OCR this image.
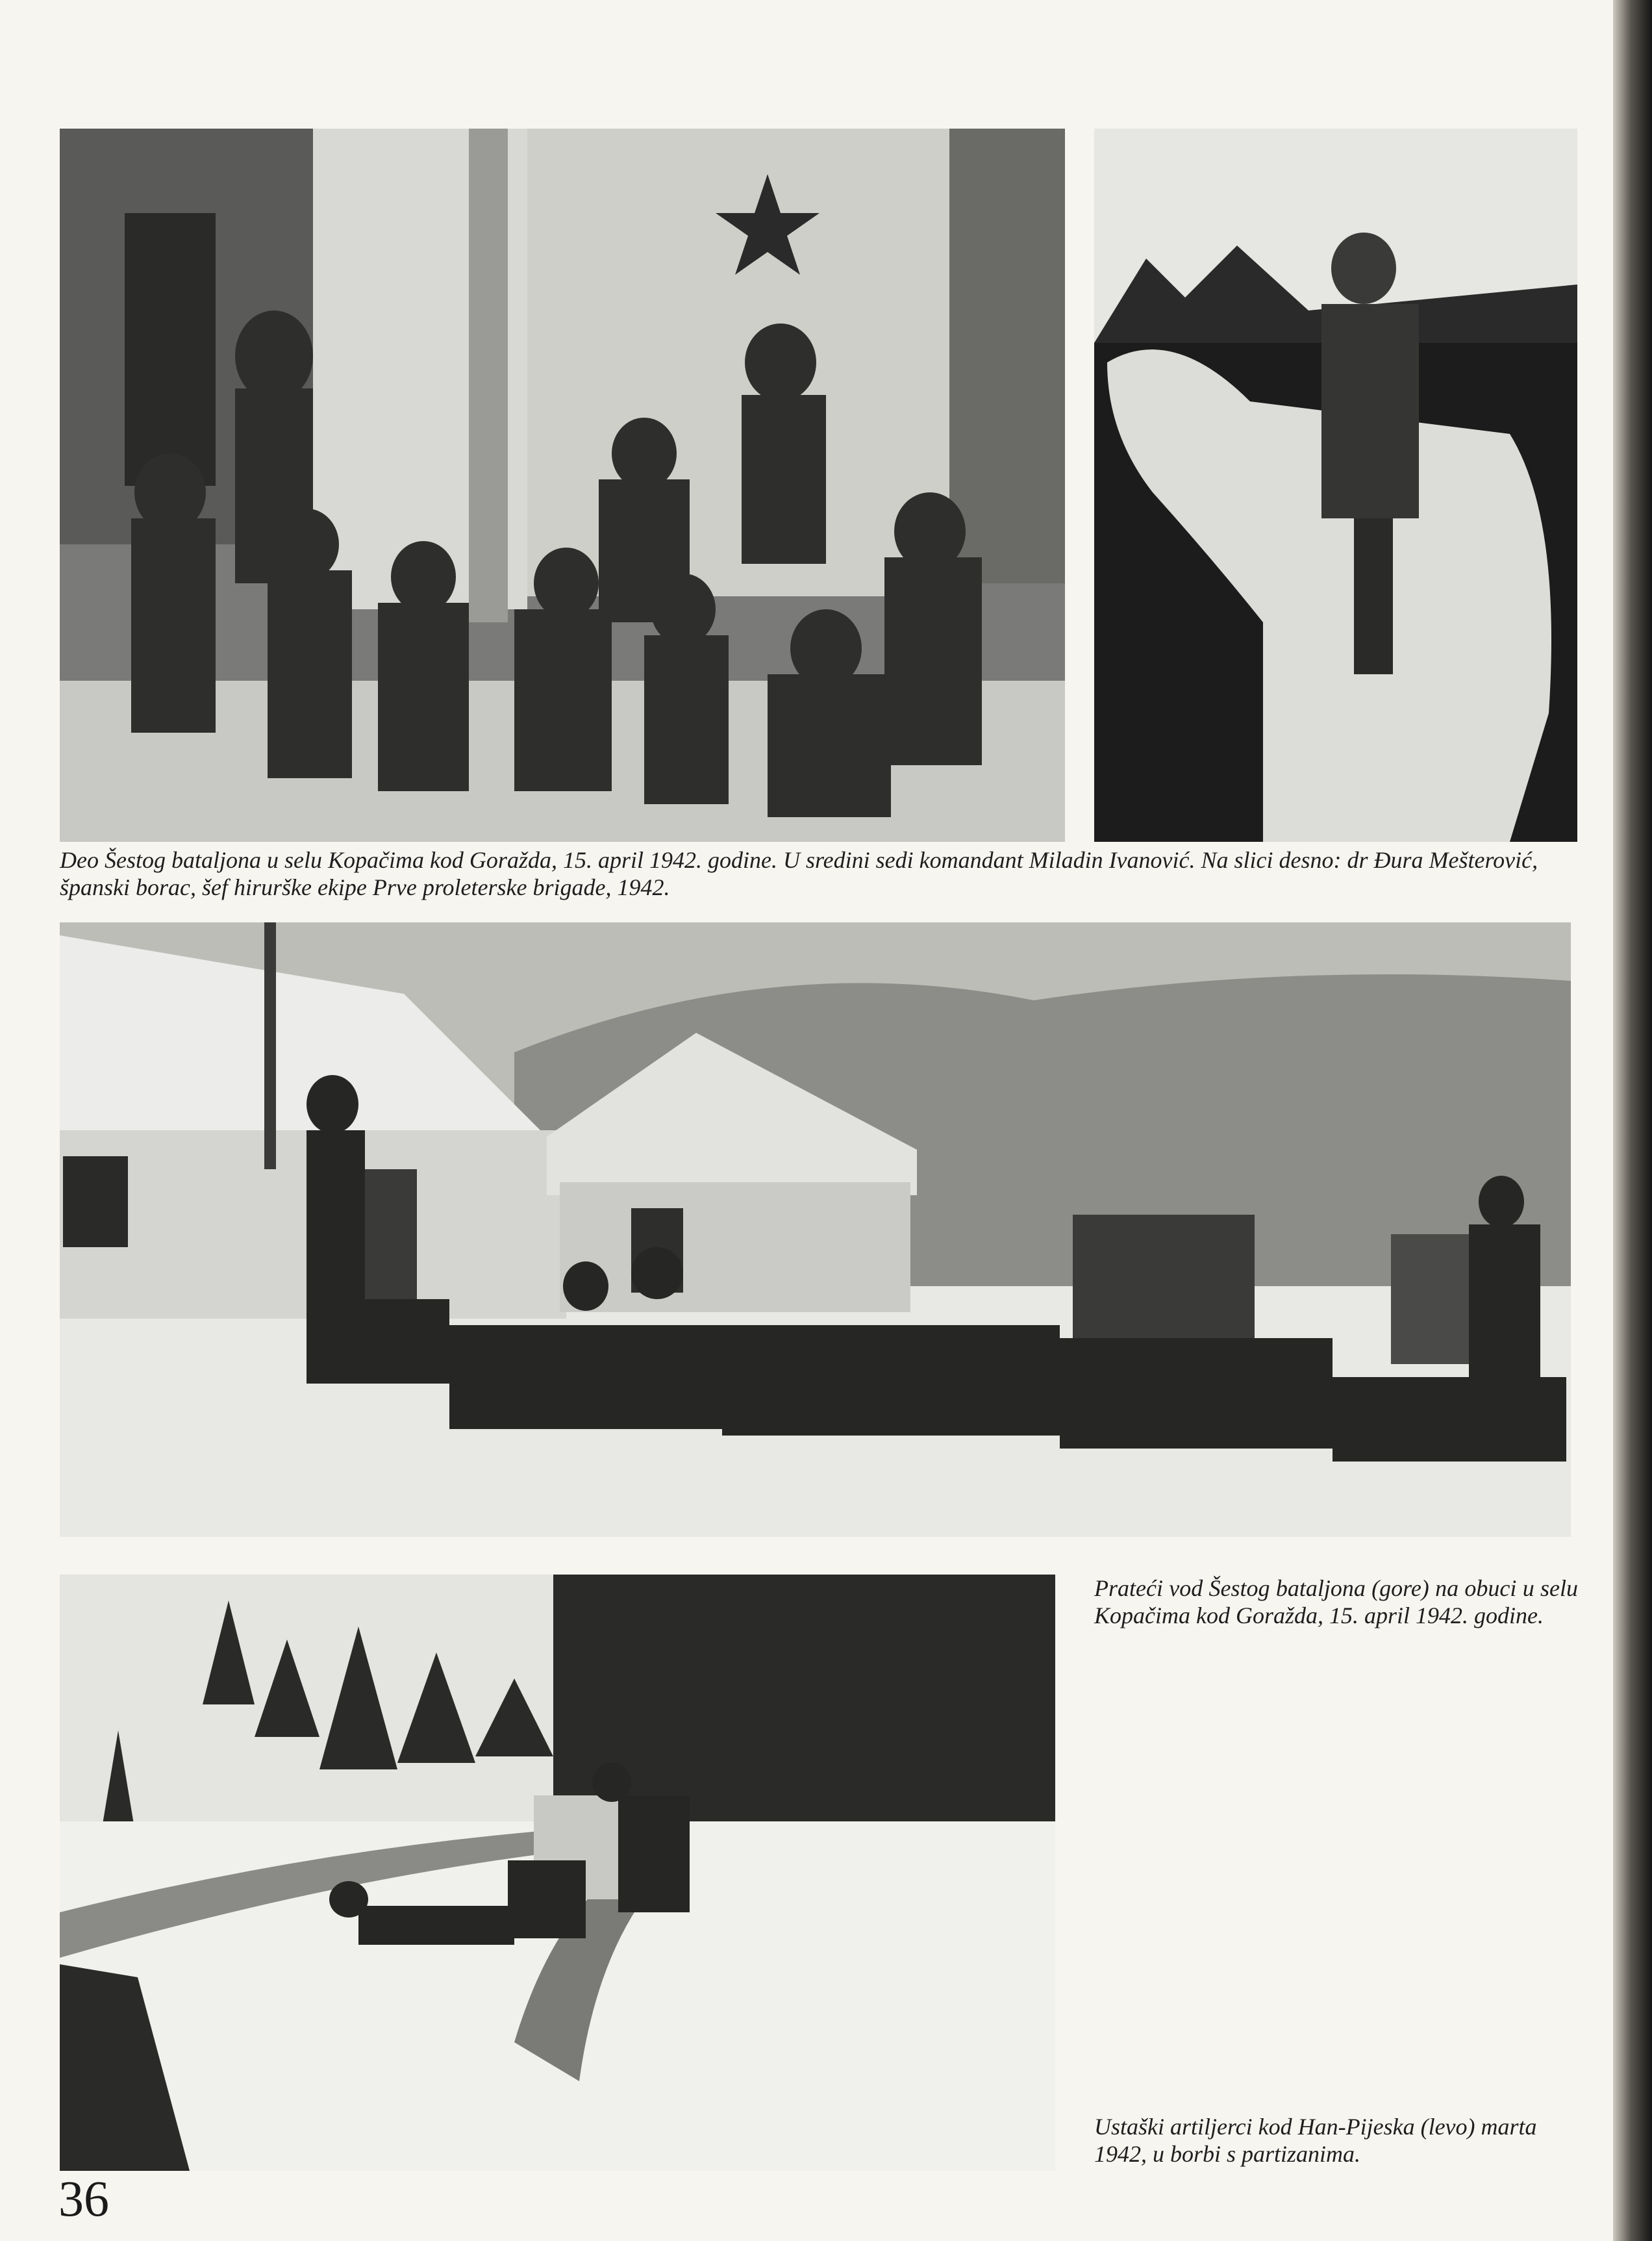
Deo Šestog bataljona u selu Kopačima kod Goražda, 15. april 1942. godine. U sredini sedi komandant Miladin Ivanović. Na slici desno: dr Đura Mešterović, španski borac, šef hirurške ekipe Prve proleterske brigade, 1942.
Prateći vod Šestog bataljona (gore) na obuci u selu Kopačima kod Goražda, 15. april 1942. godine.
Ustaški artiljerci kod Han-Pijeska (levo) marta 1942, u borbi s partizanima.
36
